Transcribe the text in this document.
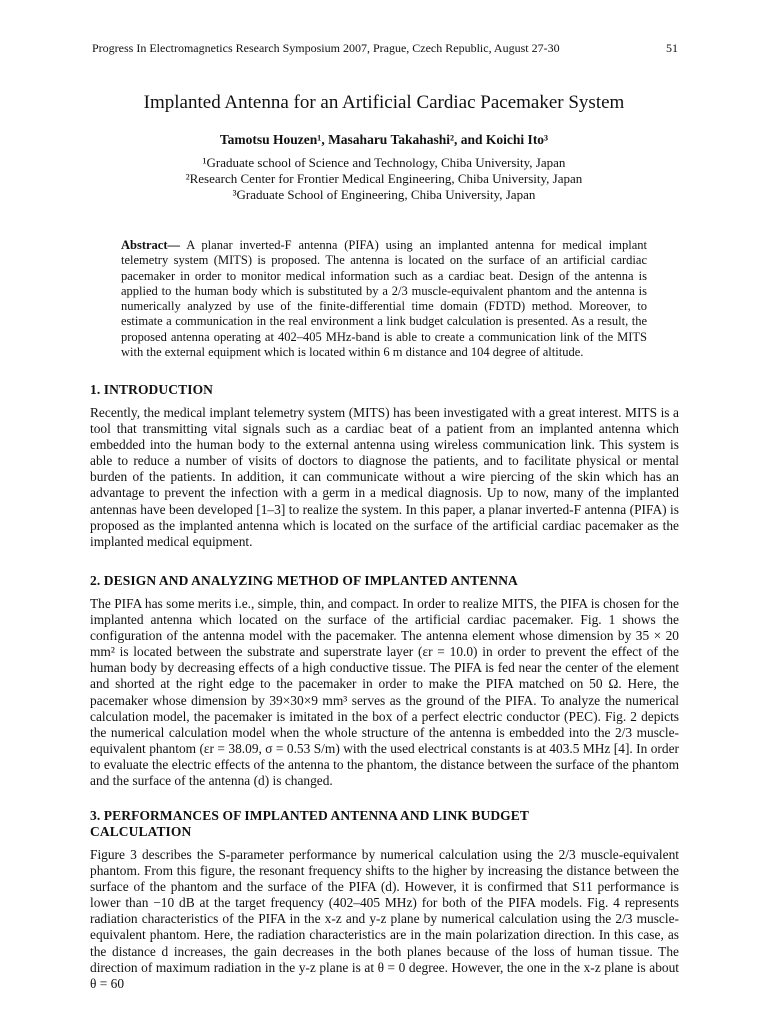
Progress In Electromagnetics Research Symposium 2007, Prague, Czech Republic, August 27-30	51
Implanted Antenna for an Artificial Cardiac Pacemaker System
Tamotsu Houzen¹, Masaharu Takahashi², and Koichi Ito³
¹Graduate school of Science and Technology, Chiba University, Japan
²Research Center for Frontier Medical Engineering, Chiba University, Japan
³Graduate School of Engineering, Chiba University, Japan
Abstract— A planar inverted-F antenna (PIFA) using an implanted antenna for medical implant telemetry system (MITS) is proposed. The antenna is located on the surface of an artificial cardiac pacemaker in order to monitor medical information such as a cardiac beat. Design of the antenna is applied to the human body which is substituted by a 2/3 muscle-equivalent phantom and the antenna is numerically analyzed by use of the finite-differential time domain (FDTD) method. Moreover, to estimate a communication in the real environment a link budget calculation is presented. As a result, the proposed antenna operating at 402–405 MHz-band is able to create a communication link of the MITS with the external equipment which is located within 6 m distance and 104 degree of altitude.
1. INTRODUCTION
Recently, the medical implant telemetry system (MITS) has been investigated with a great interest. MITS is a tool that transmitting vital signals such as a cardiac beat of a patient from an implanted antenna which embedded into the human body to the external antenna using wireless communication link. This system is able to reduce a number of visits of doctors to diagnose the patients, and to facilitate physical or mental burden of the patients. In addition, it can communicate without a wire piercing of the skin which has an advantage to prevent the infection with a germ in a medical diagnosis. Up to now, many of the implanted antennas have been developed [1–3] to realize the system. In this paper, a planar inverted-F antenna (PIFA) is proposed as the implanted antenna which is located on the surface of the artificial cardiac pacemaker as the implanted medical equipment.
2. DESIGN AND ANALYZING METHOD OF IMPLANTED ANTENNA
The PIFA has some merits i.e., simple, thin, and compact. In order to realize MITS, the PIFA is chosen for the implanted antenna which located on the surface of the artificial cardiac pacemaker. Fig. 1 shows the configuration of the antenna model with the pacemaker. The antenna element whose dimension by 35 × 20 mm² is located between the substrate and superstrate layer (εr = 10.0) in order to prevent the effect of the human body by decreasing effects of a high conductive tissue. The PIFA is fed near the center of the element and shorted at the right edge to the pacemaker in order to make the PIFA matched on 50 Ω. Here, the pacemaker whose dimension by 39×30×9 mm³ serves as the ground of the PIFA. To analyze the numerical calculation model, the pacemaker is imitated in the box of a perfect electric conductor (PEC). Fig. 2 depicts the numerical calculation model when the whole structure of the antenna is embedded into the 2/3 muscle-equivalent phantom (εr = 38.09, σ = 0.53 S/m) with the used electrical constants is at 403.5 MHz [4]. In order to evaluate the electric effects of the antenna to the phantom, the distance between the surface of the phantom and the surface of the antenna (d) is changed.
3. PERFORMANCES OF IMPLANTED ANTENNA AND LINK BUDGET CALCULATION
Figure 3 describes the S-parameter performance by numerical calculation using the 2/3 muscle-equivalent phantom. From this figure, the resonant frequency shifts to the higher by increasing the distance between the surface of the phantom and the surface of the PIFA (d). However, it is confirmed that S11 performance is lower than −10 dB at the target frequency (402–405 MHz) for both of the PIFA models. Fig. 4 represents radiation characteristics of the PIFA in the x-z and y-z plane by numerical calculation using the 2/3 muscle-equivalent phantom. Here, the radiation characteristics are in the main polarization direction. In this case, as the distance d increases, the gain decreases in the both planes because of the loss of human tissue. The direction of maximum radiation in the y-z plane is at θ = 0 degree. However, the one in the x-z plane is about θ = 60
